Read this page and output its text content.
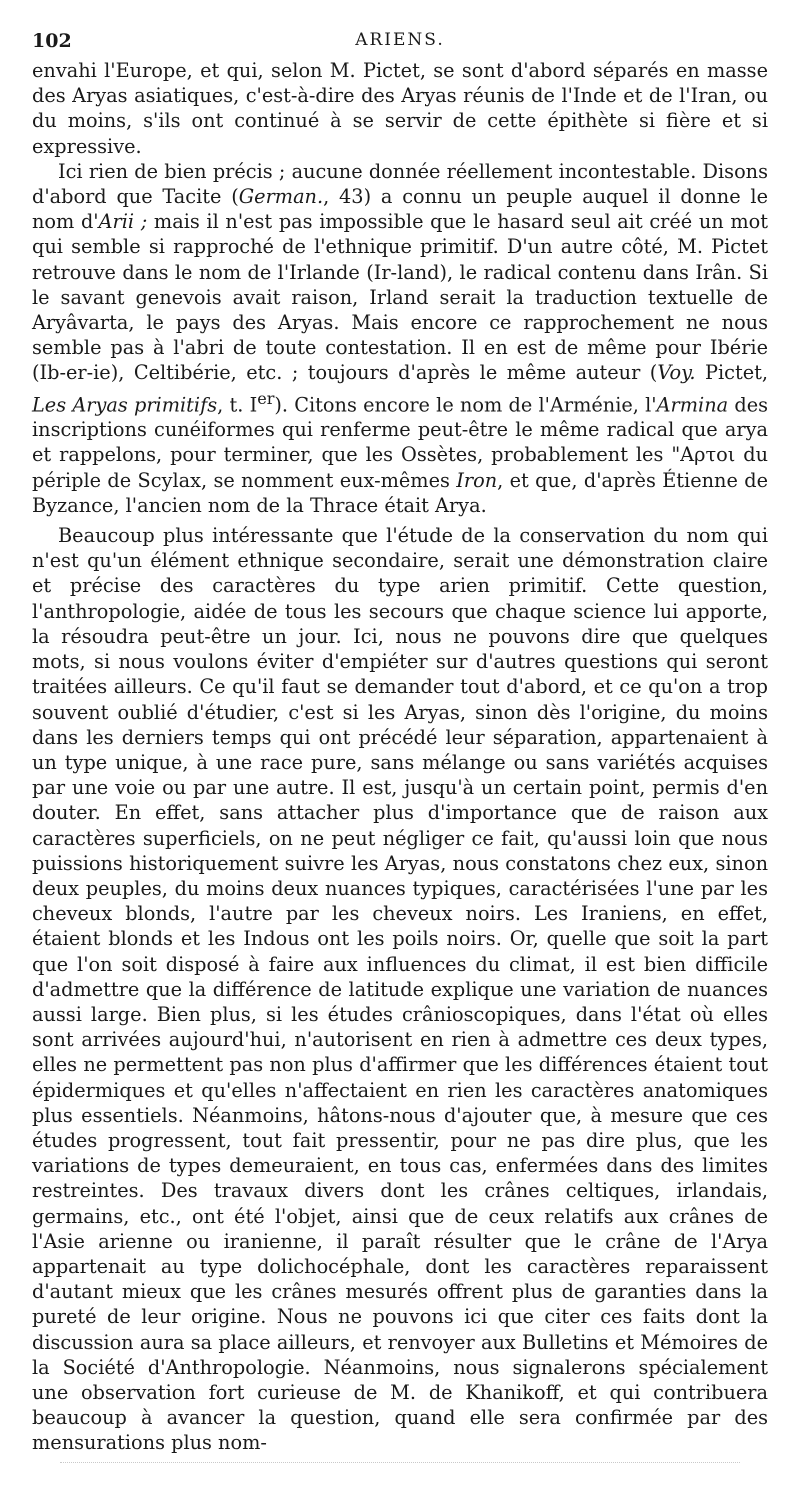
102	ARIENS.

envahi l'Europe, et qui, selon M. Pictet, se sont d'abord séparés en masse des Aryas asiatiques, c'est-à-dire des Aryas réunis de l'Inde et de l'Iran, ou du moins, s'ils ont continué à se servir de cette épithète si fière et si expressive.

Ici rien de bien précis ; aucune donnée réellement incontestable. Disons d'abord que Tacite (German., 43) a connu un peuple auquel il donne le nom d'Arii ; mais il n'est pas impossible que le hasard seul ait créé un mot qui semble si rapproché de l'ethnique primitif. D'un autre côté, M. Pictet retrouve dans le nom de l'Irlande (Ir-land), le radical contenu dans Irân. Si le savant genevois avait raison, Irland serait la traduction textuelle de Aryâvarta, le pays des Aryas. Mais encore ce rapprochement ne nous semble pas à l'abri de toute contestation. Il en est de même pour Ibérie (Ib-er-ie), Celtibérie, etc. ; toujours d'après le même auteur (Voy. Pictet, Les Aryas primitifs, t. Ier). Citons encore le nom de l'Arménie, l'Armina des inscriptions cunéiformes qui renferme peut-être le même radical que arya et rappelons, pour terminer, que les Ossètes, probablement les "Αρτοι du périple de Scylax, se nomment eux-mêmes Iron, et que, d'après Étienne de Byzance, l'ancien nom de la Thrace était Arya.

Beaucoup plus intéressante que l'étude de la conservation du nom qui n'est qu'un élément ethnique secondaire, serait une démonstration claire et précise des caractères du type arien primitif. Cette question, l'anthropologie, aidée de tous les secours que chaque science lui apporte, la résoudra peut-être un jour. Ici, nous ne pouvons dire que quelques mots, si nous voulons éviter d'empiéter sur d'autres questions qui seront traitées ailleurs. Ce qu'il faut se demander tout d'abord, et ce qu'on a trop souvent oublié d'étudier, c'est si les Aryas, sinon dès l'origine, du moins dans les derniers temps qui ont précédé leur séparation, appartenaient à un type unique, à une race pure, sans mélange ou sans variétés acquises par une voie ou par une autre. Il est, jusqu'à un certain point, permis d'en douter. En effet, sans attacher plus d'importance que de raison aux caractères superficiels, on ne peut négliger ce fait, qu'aussi loin que nous puissions historiquement suivre les Aryas, nous constatons chez eux, sinon deux peuples, du moins deux nuances typiques, caractérisées l'une par les cheveux blonds, l'autre par les cheveux noirs. Les Iraniens, en effet, étaient blonds et les Indous ont les poils noirs. Or, quelle que soit la part que l'on soit disposé à faire aux influences du climat, il est bien difficile d'admettre que la différence de latitude explique une variation de nuances aussi large. Bien plus, si les études crânioscopiques, dans l'état où elles sont arrivées aujourd'hui, n'autorisent en rien à admettre ces deux types, elles ne permettent pas non plus d'affirmer que les différences étaient tout épidermiques et qu'elles n'affectaient en rien les caractères anatomiques plus essentiels. Néanmoins, hâtons-nous d'ajouter que, à mesure que ces études progressent, tout fait pressentir, pour ne pas dire plus, que les variations de types demeuraient, en tous cas, enfermées dans des limites restreintes. Des travaux divers dont les crânes celtiques, irlandais, germains, etc., ont été l'objet, ainsi que de ceux relatifs aux crânes de l'Asie arienne ou iranienne, il paraît résulter que le crâne de l'Arya appartenait au type dolichocéphale, dont les caractères reparaissent d'autant mieux que les crânes mesurés offrent plus de garanties dans la pureté de leur origine. Nous ne pouvons ici que citer ces faits dont la discussion aura sa place ailleurs, et renvoyer aux Bulletins et Mémoires de la Société d'Anthropologie. Néanmoins, nous signalerons spécialement une observation fort curieuse de M. de Khanikoff, et qui contribuera beaucoup à avancer la question, quand elle sera confirmée par des mensurations plus nom-
